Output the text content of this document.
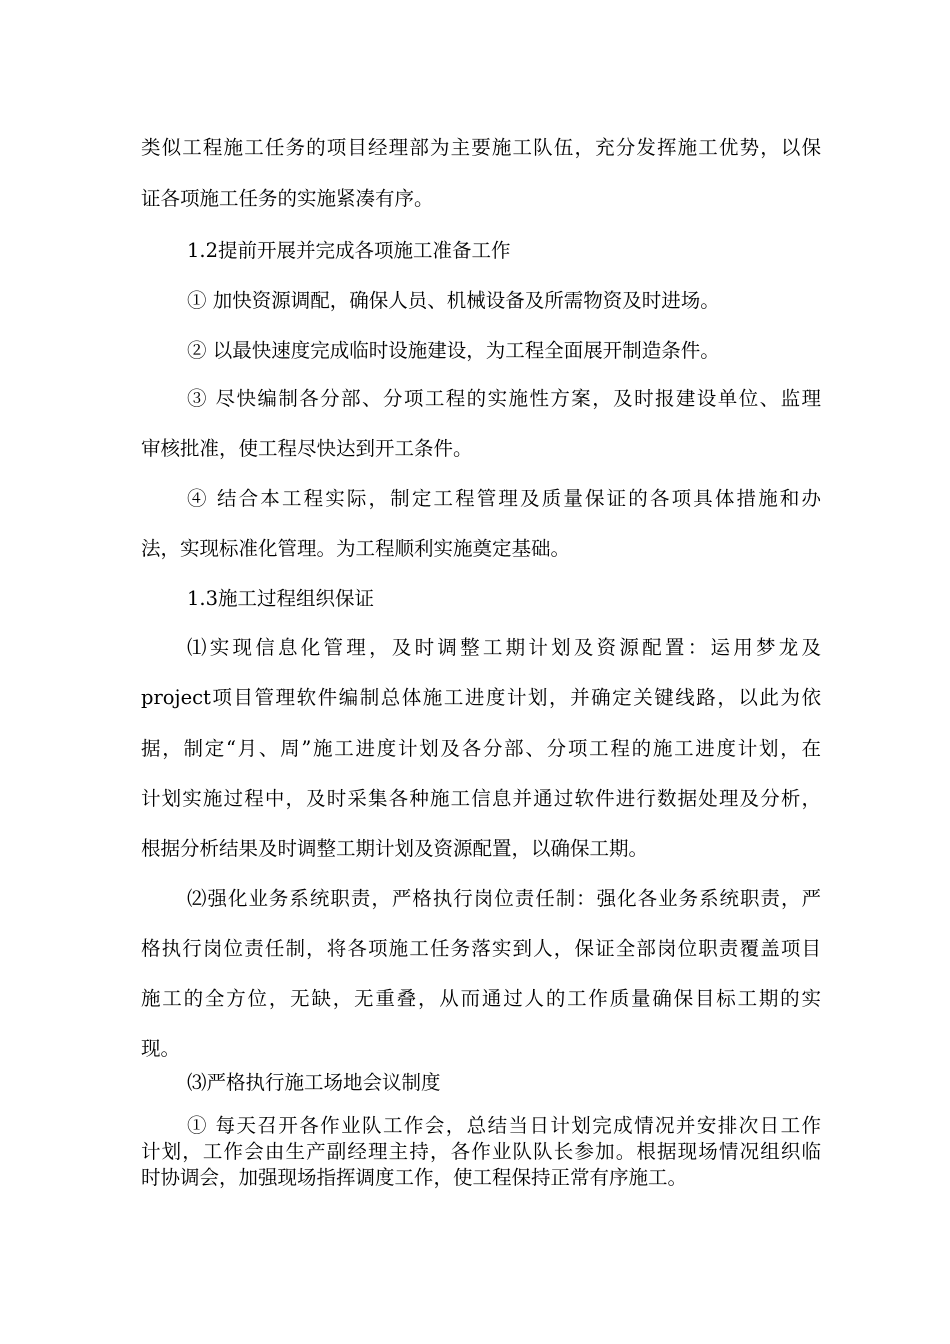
类似工程施工任务的项目经理部为主要施工队伍，充分发挥施工优势，以保
证各项施工任务的实施紧凑有序。
1.2提前开展并完成各项施工准备工作
① 加快资源调配，确保人员、机械设备及所需物资及时进场。
② 以最快速度完成临时设施建设，为工程全面展开制造条件。
③ 尽快编制各分部、分项工程的实施性方案，及时报建设单位、监理
审核批准，使工程尽快达到开工条件。
④ 结合本工程实际，制定工程管理及质量保证的各项具体措施和办
法，实现标准化管理。为工程顺利实施奠定基础。
1.3施工过程组织保证
⑴实现信息化管理，及时调整工期计划及资源配置：运用梦龙及
project项目管理软件编制总体施工进度计划，并确定关键线路，以此为依
据，制定“月、周”施工进度计划及各分部、分项工程的施工进度计划，在
计划实施过程中，及时采集各种施工信息并通过软件进行数据处理及分析，
根据分析结果及时调整工期计划及资源配置，以确保工期。
⑵强化业务系统职责，严格执行岗位责任制：强化各业务系统职责，严
格执行岗位责任制，将各项施工任务落实到人，保证全部岗位职责覆盖项目
施工的全方位，无缺，无重叠，从而通过人的工作质量确保目标工期的实
现。
⑶严格执行施工场地会议制度
① 每天召开各作业队工作会，总结当日计划完成情况并安排次日工作
计划，工作会由生产副经理主持，各作业队队长参加。根据现场情况组织临
时协调会，加强现场指挥调度工作，使工程保持正常有序施工。
